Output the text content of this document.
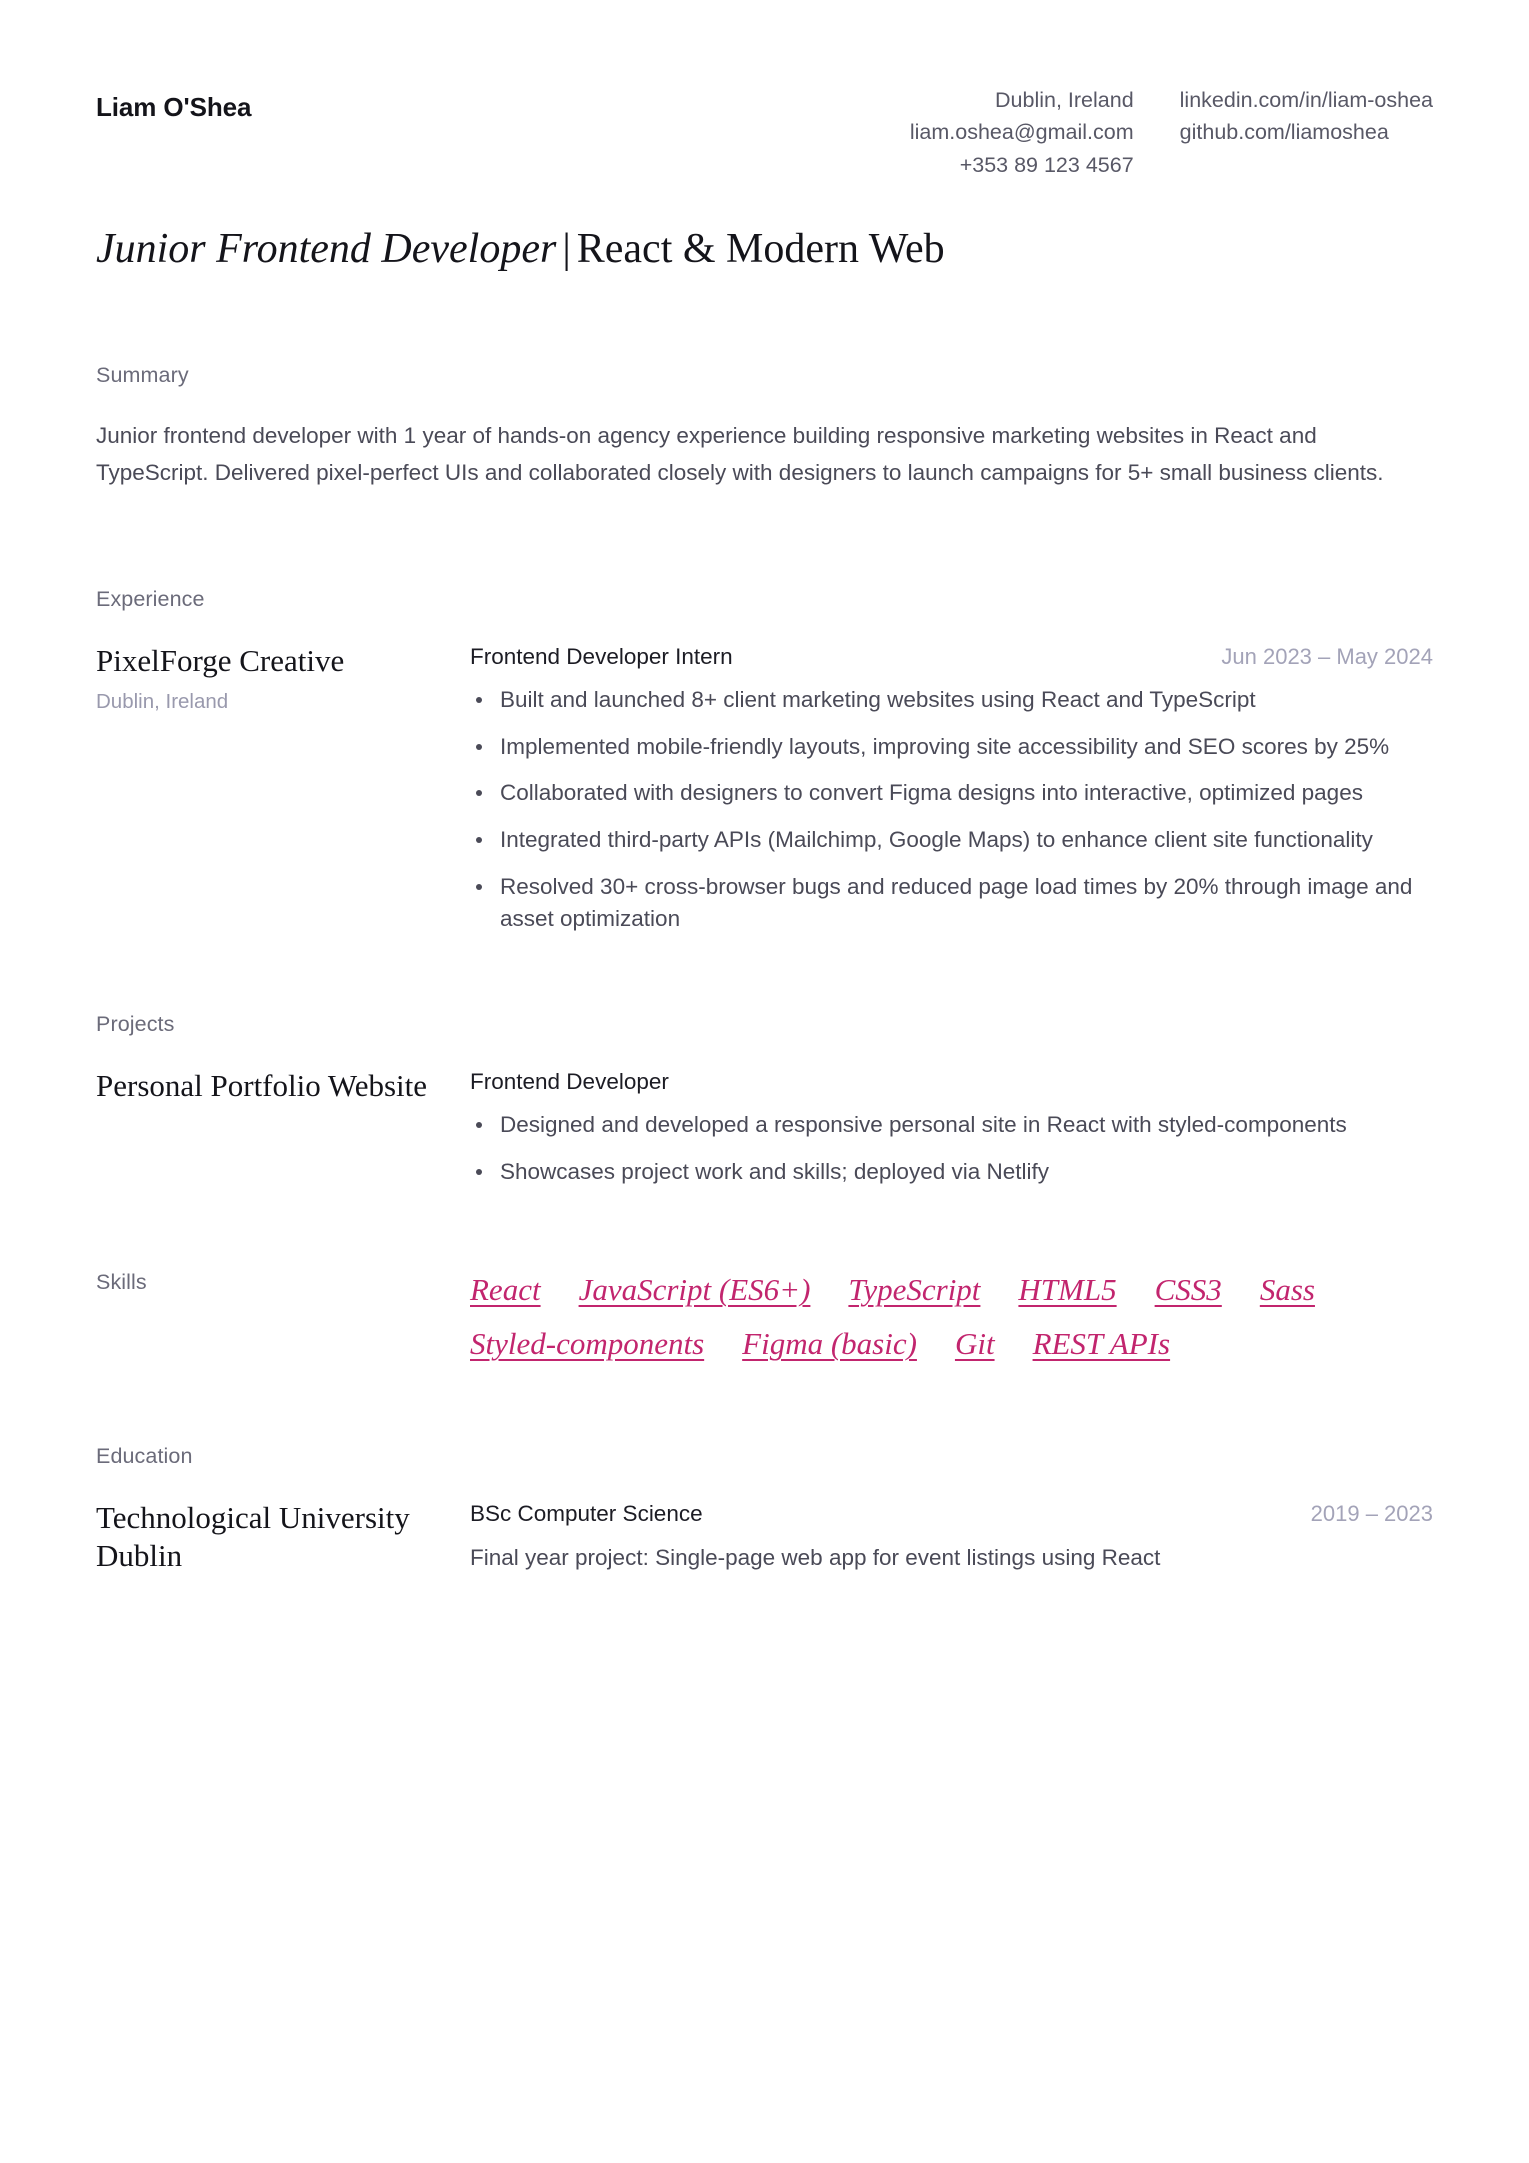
Liam O'Shea	Dublin, Ireland
liam.oshea@gmail.com
+353 89 123 4567
linkedin.com/in/liam-oshea
github.com/liamoshea
Junior Frontend Developer | React & Modern Web
Summary
Junior frontend developer with 1 year of hands-on agency experience building responsive marketing websites in React and TypeScript. Delivered pixel-perfect UIs and collaborated closely with designers to launch campaigns for 5+ small business clients.
Experience
PixelForge Creative
Dublin, Ireland
Frontend Developer Intern	Jun 2023 – May 2024
Built and launched 8+ client marketing websites using React and TypeScript
Implemented mobile-friendly layouts, improving site accessibility and SEO scores by 25%
Collaborated with designers to convert Figma designs into interactive, optimized pages
Integrated third-party APIs (Mailchimp, Google Maps) to enhance client site functionality
Resolved 30+ cross-browser bugs and reduced page load times by 20% through image and asset optimization
Projects
Personal Portfolio Website	Frontend Developer
Designed and developed a responsive personal site in React with styled-components
Showcases project work and skills; deployed via Netlify
Skills	React JavaScript (ES6+) TypeScript HTML5 CSS3 Sass
Styled-components Figma (basic) Git REST APIs
Education
Technological University Dublin
BSc Computer Science	2019 – 2023
Final year project: Single-page web app for event listings using React
